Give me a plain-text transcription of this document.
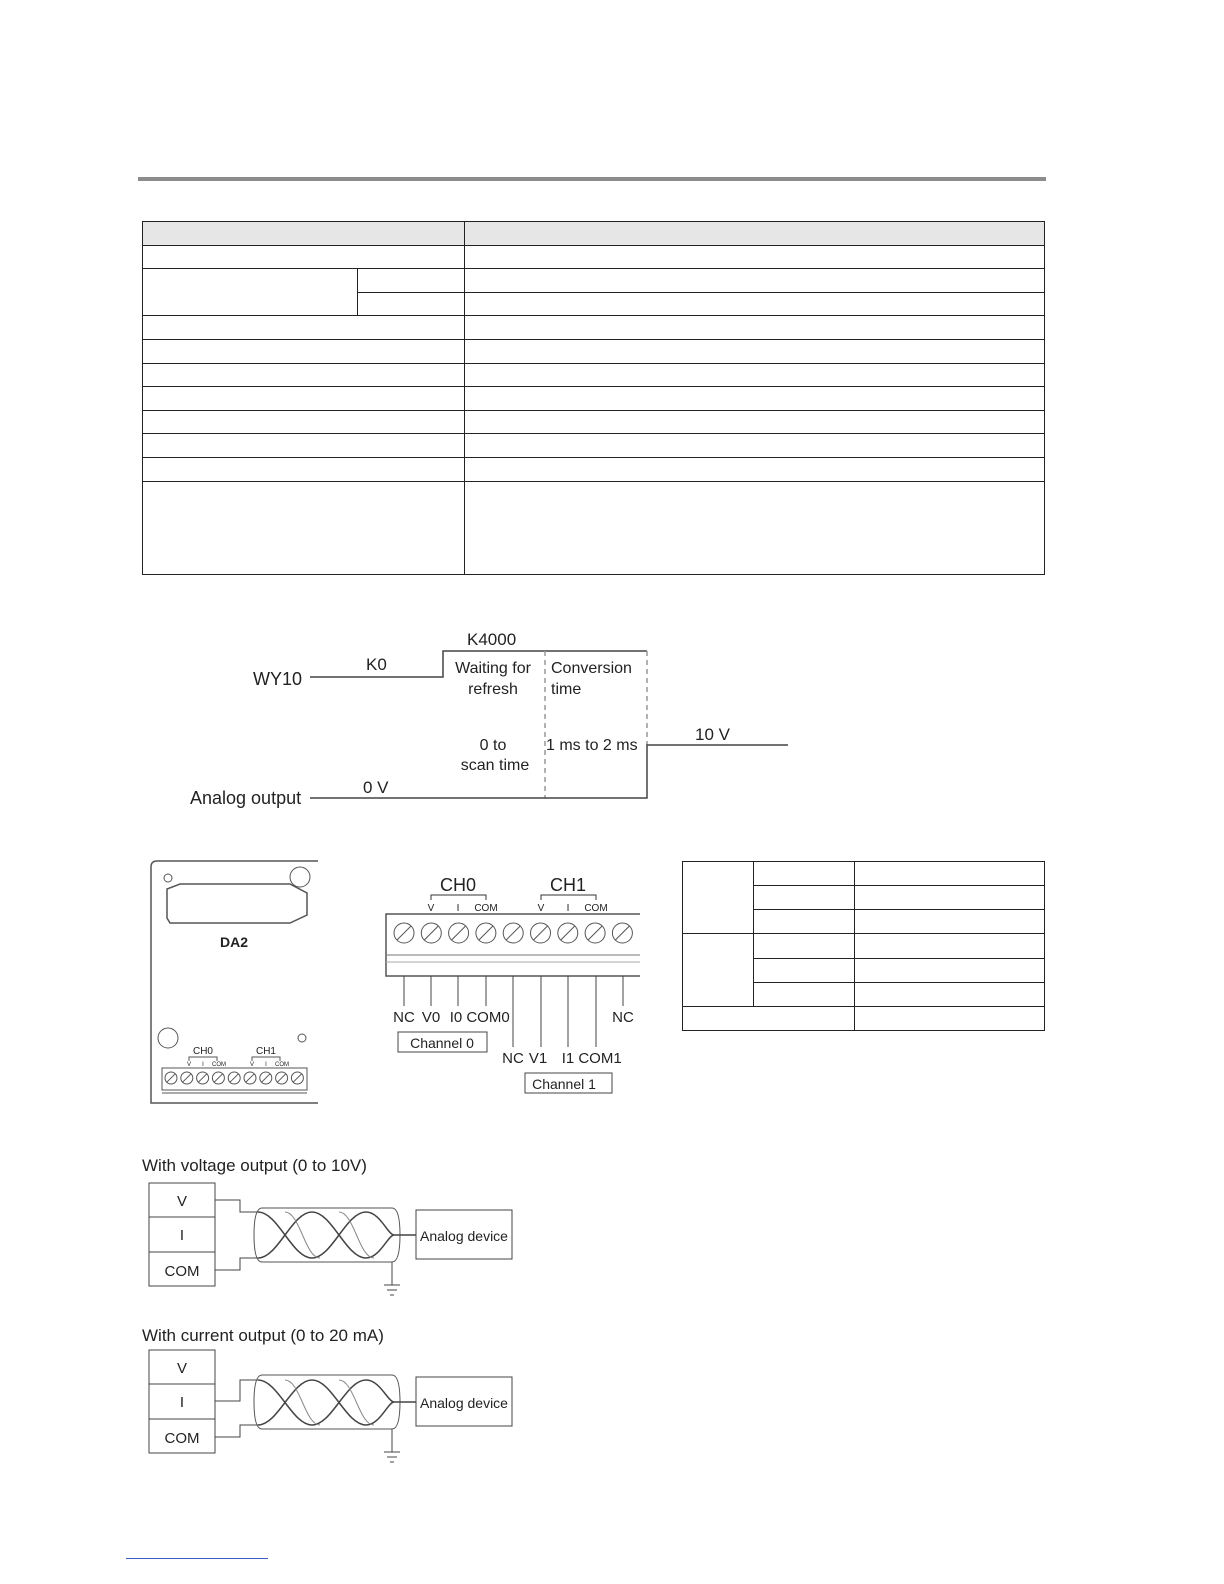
WY10
K0
K4000
Waiting for
refresh
Conversion
time
0 to
scan time
1 ms to 2 ms
Analog output
0 V
10 V
DA2
CH0	CH1
V I COM	V I COM
CH0	CH1
V I COM	V I COM
NC V0 I0 COM0	NC
NC V1 I1 COM1
Channel 0
Channel 1

With voltage output (0 to 10V)
V
I
COM
Analog device
With current output (0 to 20 mA)
V
I
COM
Analog device
